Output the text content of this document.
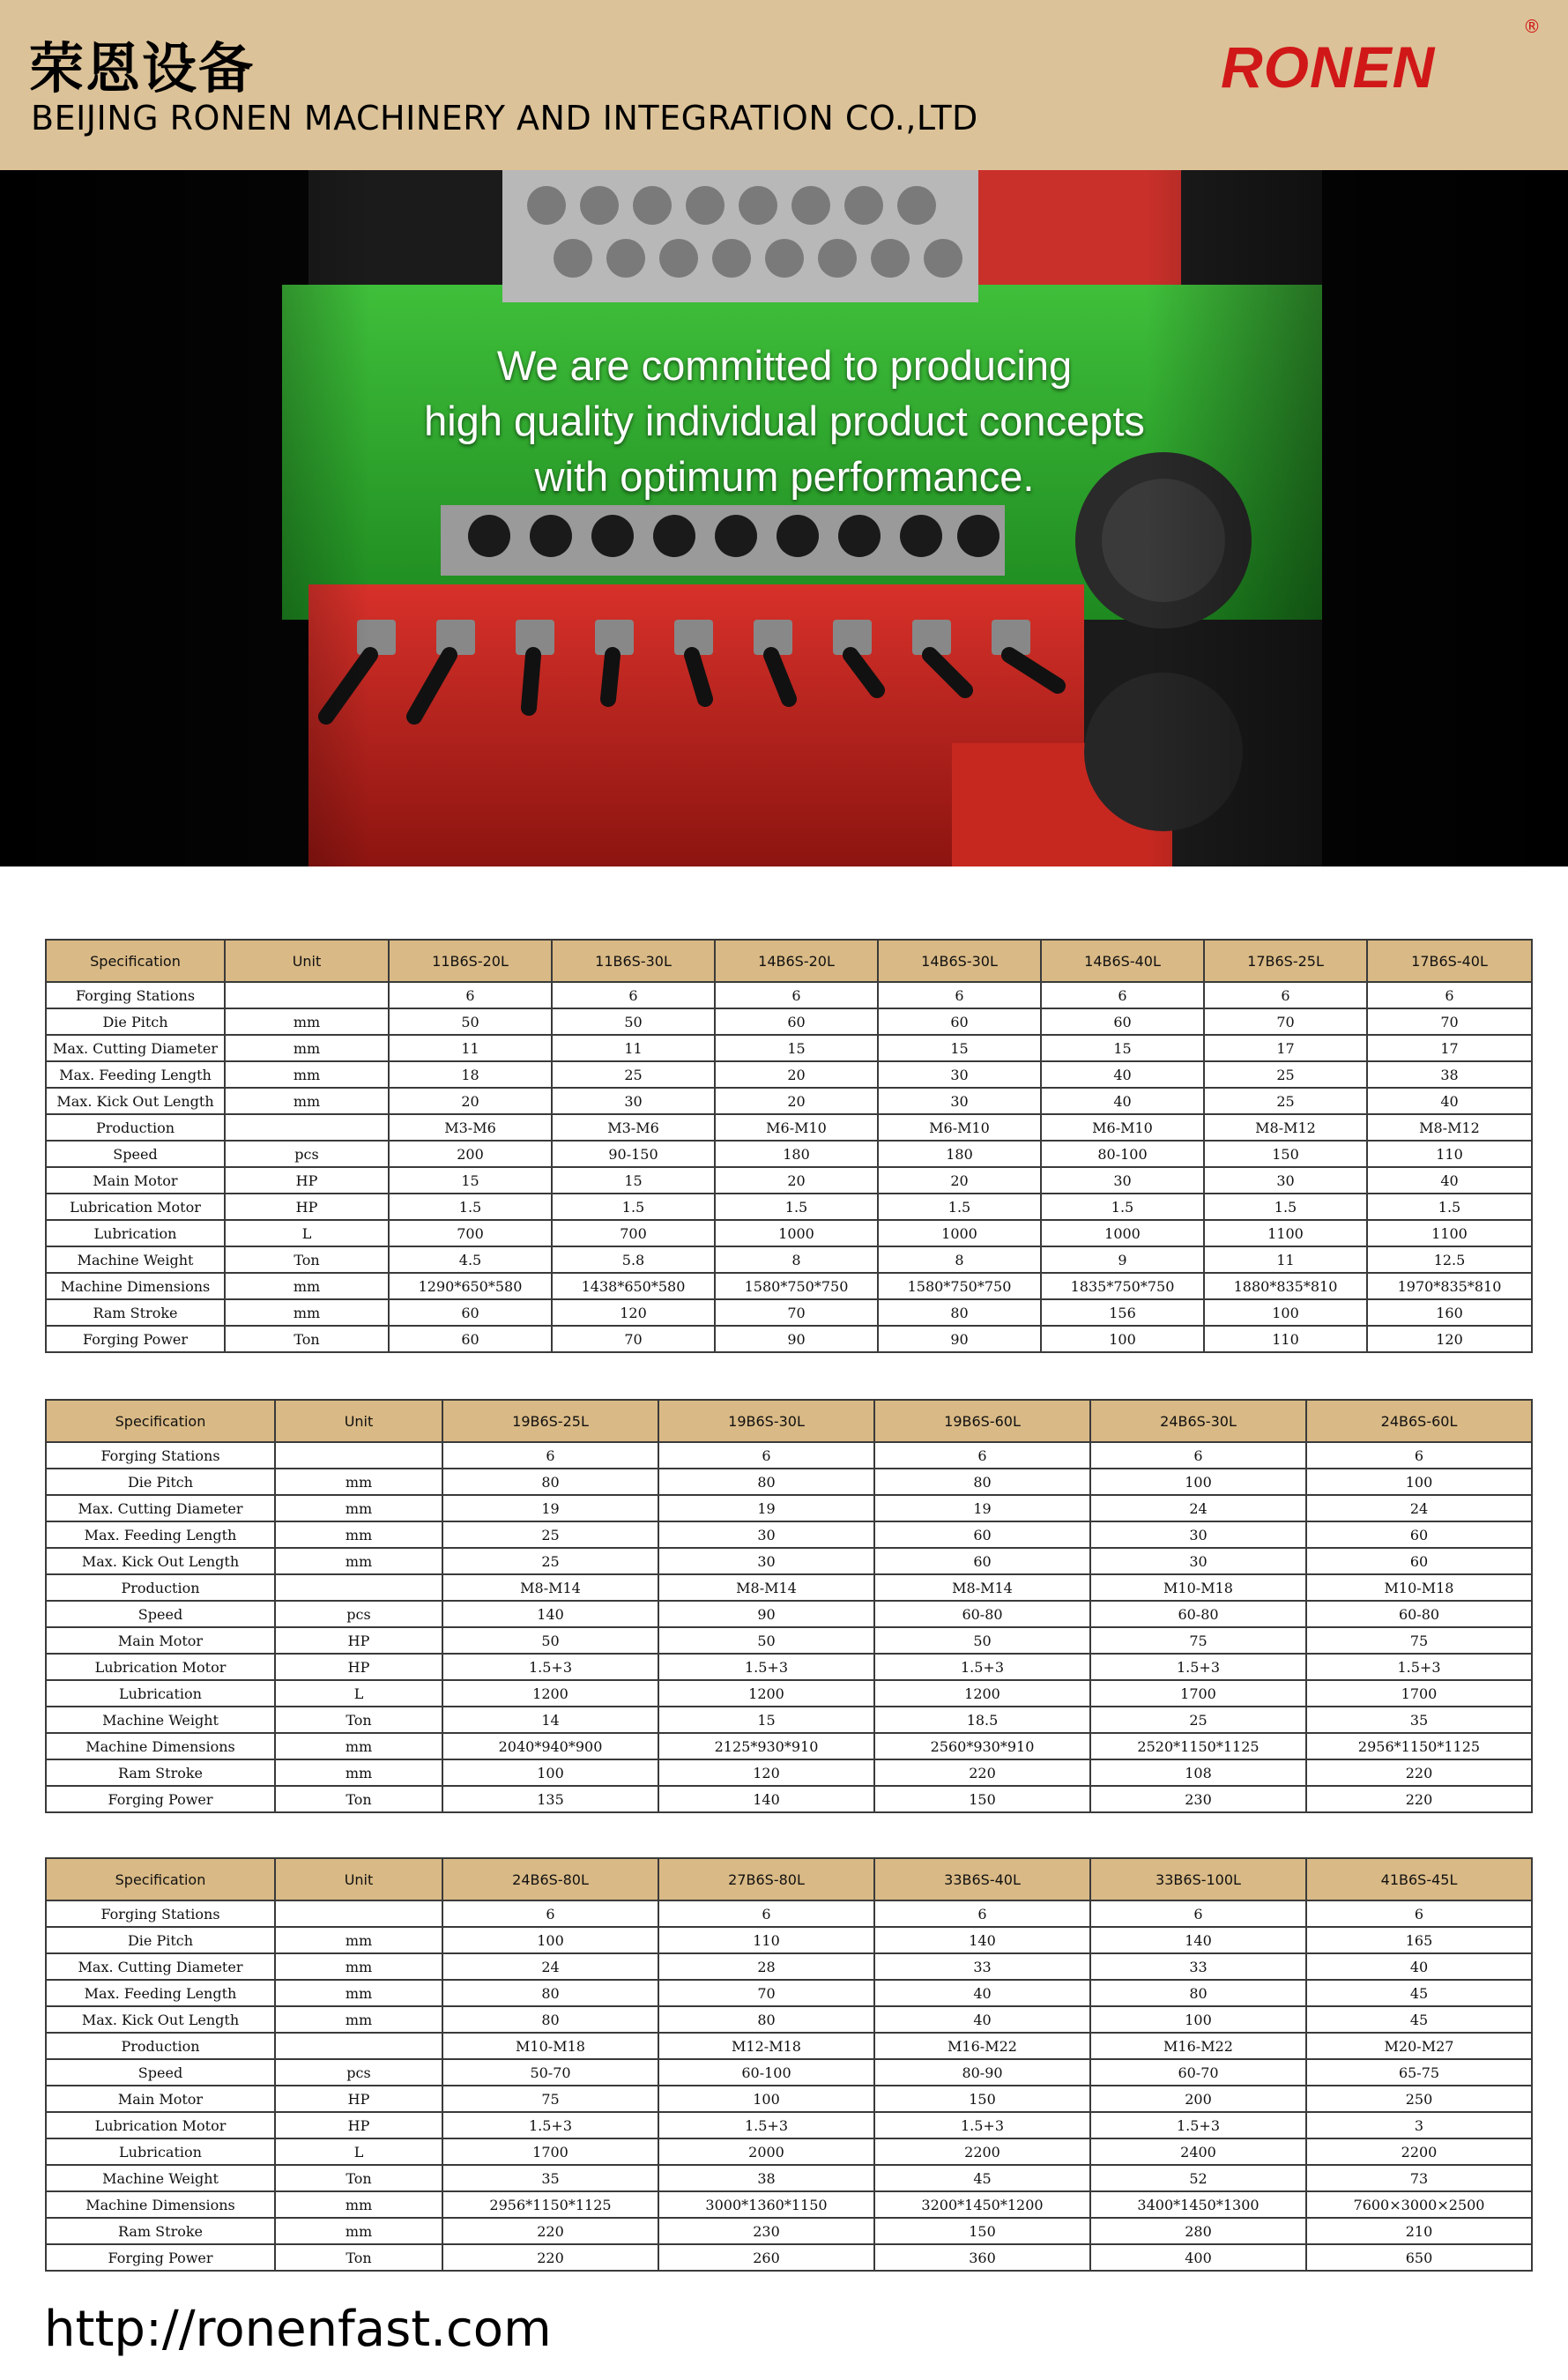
荣恩设备
BEIJING RONEN MACHINERY AND INTEGRATION CO.,LTD
RONEN
®
We are committed to producing
high quality individual product concepts
with optimum performance.
Specification	Unit	11B6S-20L	11B6S-30L	14B6S-20L	14B6S-30L	14B6S-40L	17B6S-25L	17B6S-40L
Forging Stations		6	6	6	6	6	6	6
Die Pitch	mm	50	50	60	60	60	70	70
Max. Cutting Diameter	mm	11	11	15	15	15	17	17
Max. Feeding Length	mm	18	25	20	30	40	25	38
Max. Kick Out Length	mm	20	30	20	30	40	25	40
Production		M3-M6	M3-M6	M6-M10	M6-M10	M6-M10	M8-M12	M8-M12
Speed	pcs	200	90-150	180	180	80-100	150	110
Main Motor	HP	15	15	20	20	30	30	40
Lubrication Motor	HP	1.5	1.5	1.5	1.5	1.5	1.5	1.5
Lubrication	L	700	700	1000	1000	1000	1100	1100
Machine Weight	Ton	4.5	5.8	8	8	9	11	12.5
Machine Dimensions	mm	1290*650*580	1438*650*580	1580*750*750	1580*750*750	1835*750*750	1880*835*810	1970*835*810
Ram Stroke	mm	60	120	70	80	156	100	160
Forging Power	Ton	60	70	90	90	100	110	120
Specification	Unit	19B6S-25L	19B6S-30L	19B6S-60L	24B6S-30L	24B6S-60L
Forging Stations		6	6	6	6	6
Die Pitch	mm	80	80	80	100	100
Max. Cutting Diameter	mm	19	19	19	24	24
Max. Feeding Length	mm	25	30	60	30	60
Max. Kick Out Length	mm	25	30	60	30	60
Production		M8-M14	M8-M14	M8-M14	M10-M18	M10-M18
Speed	pcs	140	90	60-80	60-80	60-80
Main Motor	HP	50	50	50	75	75
Lubrication Motor	HP	1.5+3	1.5+3	1.5+3	1.5+3	1.5+3
Lubrication	L	1200	1200	1200	1700	1700
Machine Weight	Ton	14	15	18.5	25	35
Machine Dimensions	mm	2040*940*900	2125*930*910	2560*930*910	2520*1150*1125	2956*1150*1125
Ram Stroke	mm	100	120	220	108	220
Forging Power	Ton	135	140	150	230	220
Specification	Unit	24B6S-80L	27B6S-80L	33B6S-40L	33B6S-100L	41B6S-45L
Forging Stations		6	6	6	6	6
Die Pitch	mm	100	110	140	140	165
Max. Cutting Diameter	mm	24	28	33	33	40
Max. Feeding Length	mm	80	70	40	80	45
Max. Kick Out Length	mm	80	80	40	100	45
Production		M10-M18	M12-M18	M16-M22	M16-M22	M20-M27
Speed	pcs	50-70	60-100	80-90	60-70	65-75
Main Motor	HP	75	100	150	200	250
Lubrication Motor	HP	1.5+3	1.5+3	1.5+3	1.5+3	3
Lubrication	L	1700	2000	2200	2400	2200
Machine Weight	Ton	35	38	45	52	73
Machine Dimensions	mm	2956*1150*1125	3000*1360*1150	3200*1450*1200	3400*1450*1300	7600×3000×2500
Ram Stroke	mm	220	230	150	280	210
Forging Power	Ton	220	260	360	400	650
http://ronenfast.com
